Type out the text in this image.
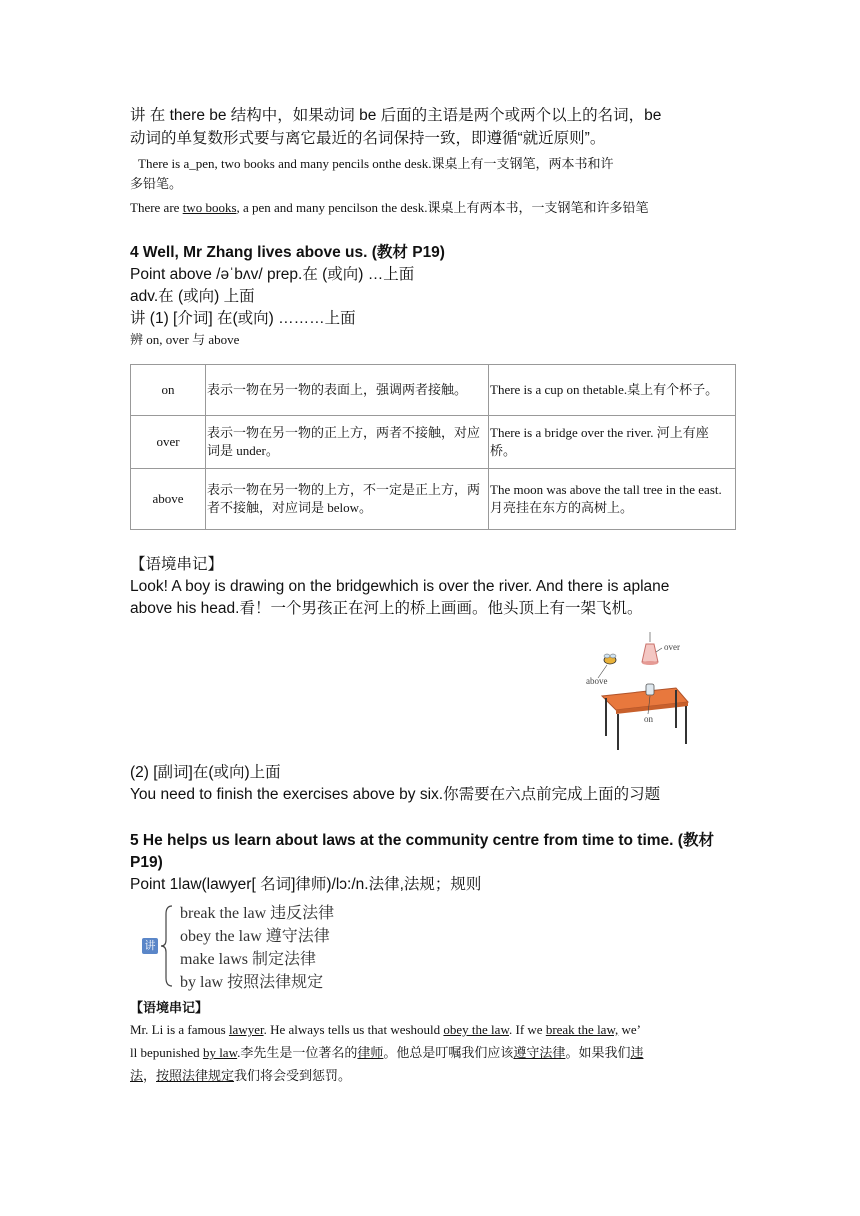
讲 在 there be 结构中，如果动词 be 后面的主语是两个或两个以上的名词，be

动词的单复数形式要与离它最近的名词保持一致，即遵循“就近原则”。

There is a_pen, two books and many pencils onthe desk.课桌上有一支钢笔，两本书和许

多铅笔。

There are two books, a pen and many pencilson the desk.课桌上有两本书，一支钢笔和许多铅笔

4 Well, Mr Zhang lives above us. (教材 P19)

Point above /əˈbʌv/ prep.在 (或向) …上面

adv.在 (或向) 上面

讲 (1) [介词] 在(或向) ………上面

辨 on, over 与 above

on	表示一物在另一物的表面上，强调两者接触。	There is a cup on thetable.桌上有个杯子。
over	表示一物在另一物的正上方，两者不接触，对应词是 under。	There is a bridge over the river. 河上有座桥。
above	表示一物在另一物的上方，不一定是正上方，两者不接触，对应词是 below。	The moon was above the tall tree in the east. 月亮挂在东方的高树上。

【语境串记】

Look! A boy is drawing on the bridgewhich is over the river. And there is aplane

above his head.看！一个男孩正在河上的桥上画画。他头顶上有一架飞机。

(2) [副词]在(或向)上面

You need to finish the exercises above by six.你需要在六点前完成上面的习题

5 He helps us learn about laws at the community centre from time to time. (教材

P19)

Point 1law(lawyer[ 名词]律师)/lɔ:/n.法律,法规；规则

讲
break the law 违反法律
obey the law 遵守法律
make laws 制定法律
by law 按照法律规定

【语境串记】

Mr. Li is a famous lawyer. He always tells us that weshould obey the law. If we break the law, we’
ll bepunished by law.李先生是一位著名的律师。他总是叮嘱我们应该遵守法律。如果我们违
法，按照法律规定我们将会受到惩罚。

over
above
on
